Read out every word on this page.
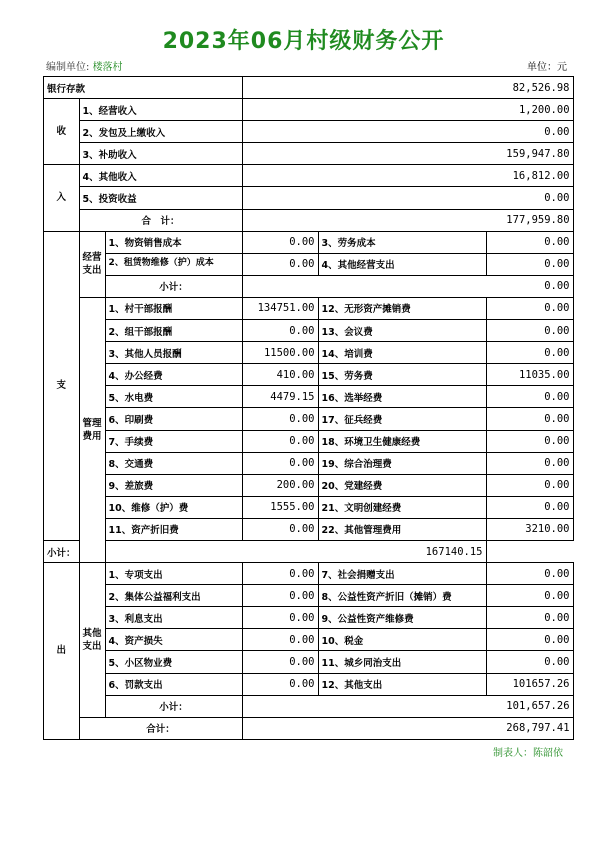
2023年06月村级财务公开
编制单位: 楼落村	单位：元
银行存款			82,526.98		
收	1、经营收入		1,200.00		
	2、发包及上缴收入		0.00		
	3、补助收入		159,947.80		
入	4、其他收入		16,812.00		
	5、投资收益		0.00		
	合　计：		177,959.80		
支	经营支出	1、物资销售成本	0.00	3、劳务成本	0.00
		2、租赁物维修（护）成本	0.00	4、其他经营支出	0.00
		小计：	0.00		
	管理费用	1、村干部报酬	134751.00	12、无形资产摊销费	0.00
		2、组干部报酬	0.00	13、会议费	0.00
		3、其他人员报酬	11500.00	14、培训费	0.00
		4、办公经费	410.00	15、劳务费	11035.00
		5、水电费	4479.15	16、选举经费	0.00
		6、印刷费	0.00	17、征兵经费	0.00
		7、手续费	0.00	18、环境卫生健康经费	0.00
		8、交通费	0.00	19、综合治理费	0.00
		9、差旅费	200.00	20、党建经费	0.00
		10、维修（护）费	1555.00	21、文明创建经费	0.00
		11、资产折旧费	0.00	22、其他管理费用	3210.00
小计：		167140.15			
出	其他支出	1、专项支出	0.00	7、社会捐赠支出	0.00
		2、集体公益福利支出	0.00	8、公益性资产折旧（摊销）费	0.00
		3、利息支出	0.00	9、公益性资产维修费	0.00
		4、资产损失	0.00	10、税金	0.00
		5、小区物业费	0.00	11、城乡同治支出	0.00
		6、罚款支出	0.00	12、其他支出	101657.26
		小计：	101,657.26		
	合计：		268,797.41		
制表人：陈韶依
